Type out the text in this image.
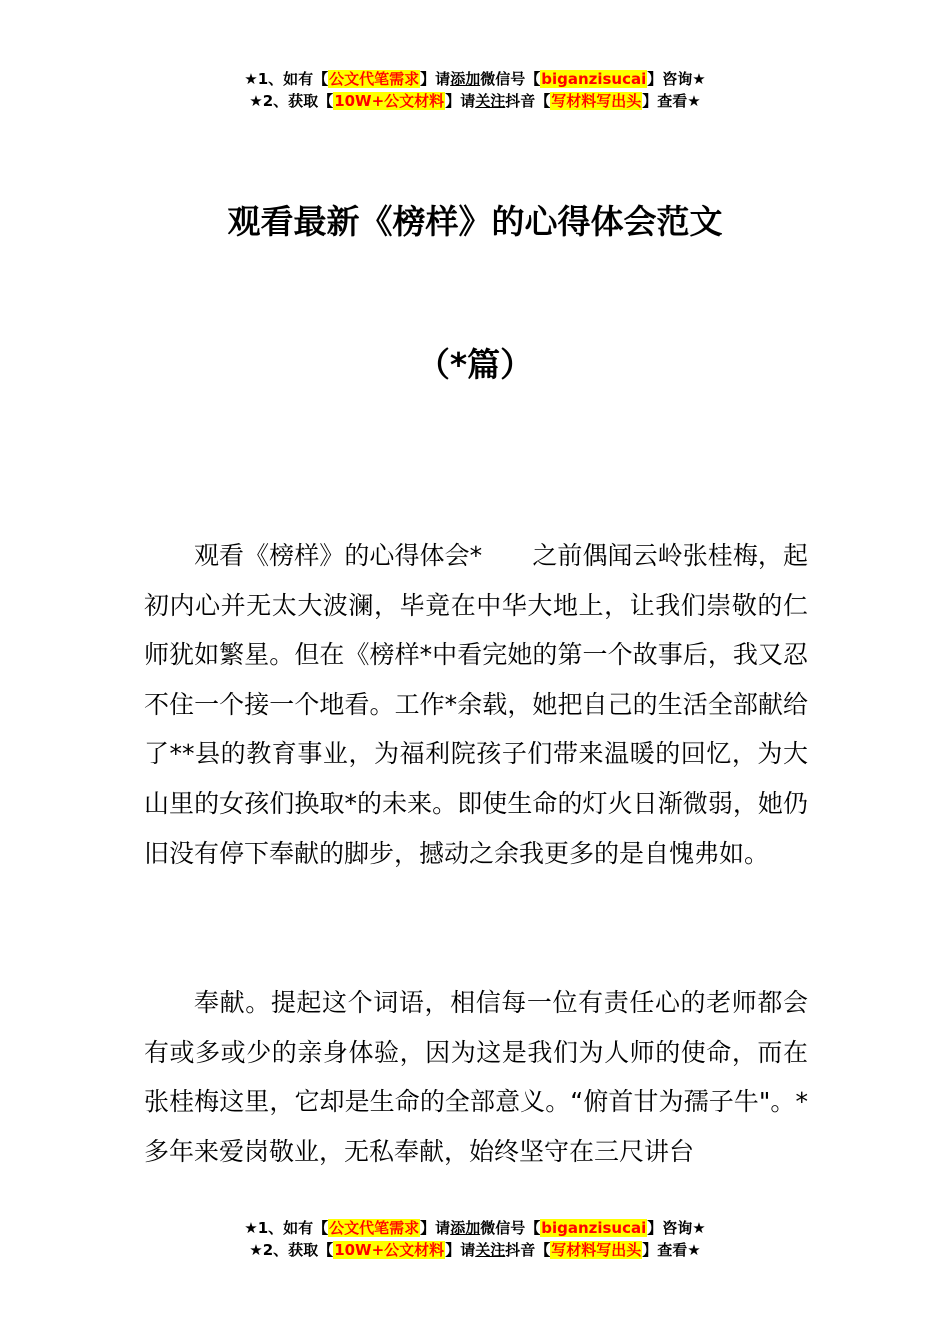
★1、如有【公文代笔需求】请添加微信号【biganzisucai】咨询★
★2、获取【10W+公文材料】请关注抖音【写材料写出头】查看★
观看最新《榜样》的心得体会范文
（*篇）

观看《榜样》的心得体会*　　之前偶闻云岭张桂梅，起初内心并无太大波澜，毕竟在中华大地上，让我们崇敬的仁师犹如繁星。但在《榜样*中看完她的第一个故事后，我又忍不住一个接一个地看。工作*余载，她把自己的生活全部献给了**县的教育事业，为福利院孩子们带来温暖的回忆，为大山里的女孩们换取*的未来。即使生命的灯火日渐微弱，她仍旧没有停下奉献的脚步，撼动之余我更多的是自愧弗如。

奉献。提起这个词语，相信每一位有责任心的老师都会有或多或少的亲身体验，因为这是我们为人师的使命，而在张桂梅这里，它却是生命的全部意义。“俯首甘为孺子牛"。*多年来爱岗敬业，无私奉献，始终坚守在三尺讲台

★1、如有【公文代笔需求】请添加微信号【biganzisucai】咨询★
★2、获取【10W+公文材料】请关注抖音【写材料写出头】查看★
